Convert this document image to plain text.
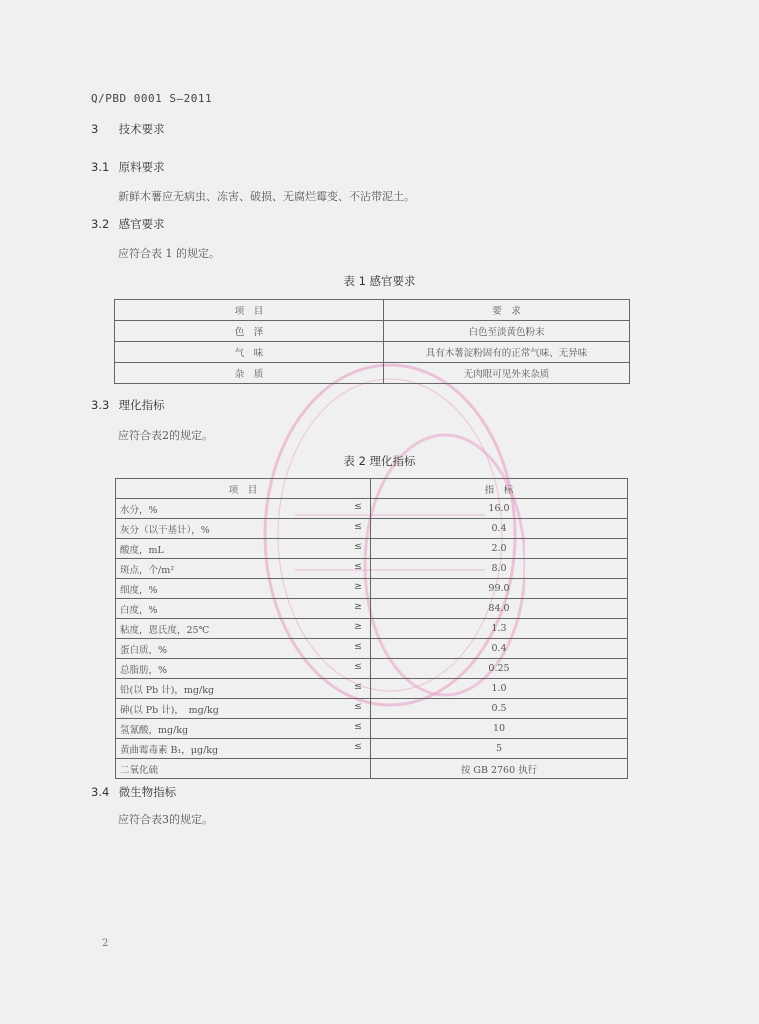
Q/PBD 0001 S—2011
3 技术要求
3.1 原料要求
新鲜木薯应无病虫、冻害、破损、无腐烂霉变、不沾带泥土。
3.2 感官要求
应符合表 1 的规定。
表 1 感官要求
项　目	要　求
色　泽	白色至淡黄色粉末
气　味	具有木薯淀粉固有的正常气味、无异味
杂　质	无肉眼可见外来杂质
3.3 理化指标
应符合表2的规定。
表 2 理化指标
项　目	指　标
水分，% ≤	16.0
灰分（以干基计），% ≤	0.4
酸度，mL ≤	2.0
斑点，个/m² ≤	8.0
细度，% ≥	99.0
白度，% ≥	84.0
粘度，恩氏度，25℃ ≥	1.3
蛋白质，% ≤	0.4
总脂肪，% ≤	0.25
铅(以 Pb 计)，mg/kg ≤	1.0
砷(以 Pb 计)，　mg/kg ≤	0.5
氢氰酸，mg/kg ≤	10
黄曲霉毒素 B₁，μg/kg ≤	5
二氧化硫	按 GB 2760 执行
3.4 微生物指标
应符合表3的规定。
2
